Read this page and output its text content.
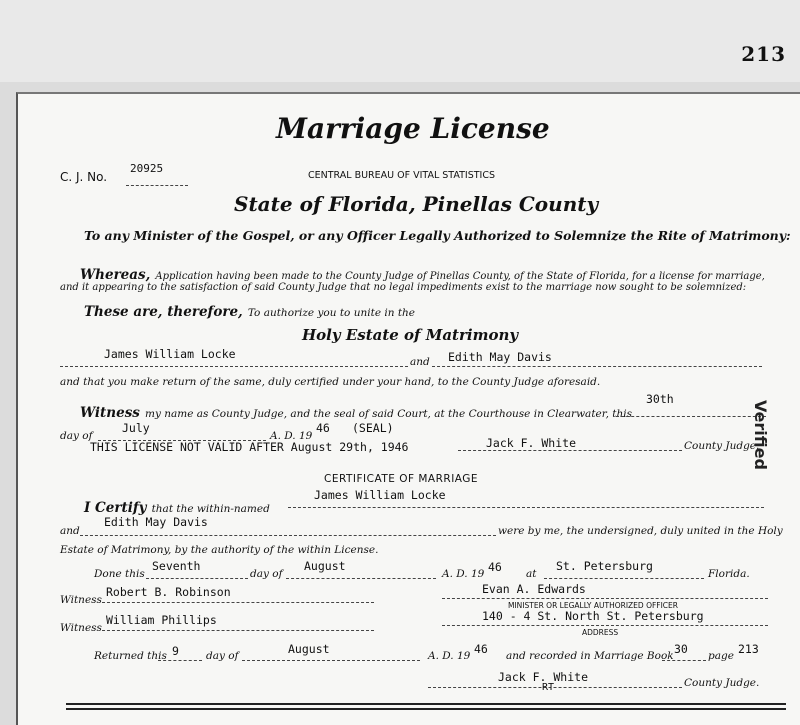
213
Marriage License
C. J. No.
20925
CENTRAL BUREAU OF VITAL STATISTICS
State of Florida, Pinellas County
To any Minister of the Gospel, or any Officer Legally Authorized to Solemnize the Rite of Matrimony:
Whereas, Application having been made to the County Judge of Pinellas County, of the State of Florida, for a license for marriage,
and it appearing to the satisfaction of said County Judge that no legal impediments exist to the marriage now sought to be solemnized:
These are, therefore, To authorize you to unite in the
Holy Estate of Matrimony
James William Locke
and Edith May Davis
and that you make return of the same, duly certified under your hand, to the County Judge aforesaid.
Witness my name as County Judge, and the seal of said Court, at the Courthouse in Clearwater, this
30th
day of
July
A. D. 19
46 (SEAL)
THIS LICENSE NOT VALID AFTER August 29th, 1946	Jack F. White	County Judge.
CERTIFICATE OF MARRIAGE
I Certify that the within-named
James William Locke
and
Edith May Davis
were by me, the undersigned, duly united in the Holy
Estate of Matrimony, by the authority of the within License.
Done this
Seventh
day of
August
A. D. 19 46 at
St. Petersburg
Florida.
Witness
Robert B. Robinson	Evan A. Edwards
MINISTER OR LEGALLY AUTHORIZED OFFICER
Witness
William Phillips	140 - 4 St. North St. Petersburg
ADDRESS
Returned this 9	day of	August	A. D. 19 46 and recorded in Marriage Book 30 page 213
Jack F. White
RT	County Judge.
Verified
